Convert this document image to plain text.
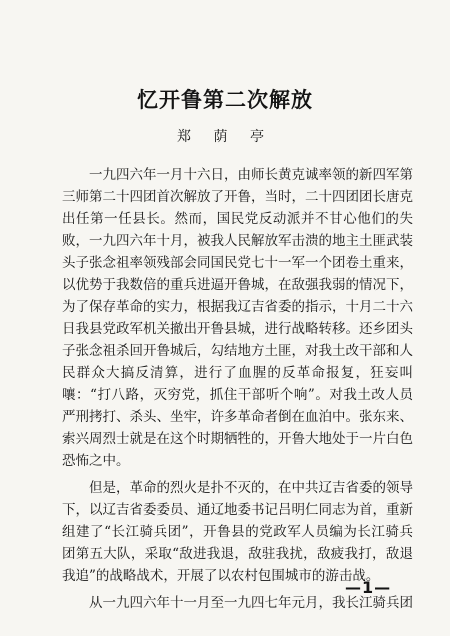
忆开鲁第二次解放
郑 荫 亭

一九四六年一月十六日，由师长黄克诚率领的新四军第三师第二十四团首次解放了开鲁，当时，二十四团团长唐克出任第一任县长。然而，国民党反动派并不甘心他们的失败，一九四六年十月，被我人民解放军击溃的地主土匪武装头子张念祖率领残部会同国民党七十一军一个团卷土重来，以优势于我数倍的重兵进逼开鲁城，在敌强我弱的情况下，为了保存革命的实力，根据我辽吉省委的指示，十月二十六日我县党政军机关撤出开鲁县城，进行战略转移。还乡团头子张念祖杀回开鲁城后，勾结地方土匪，对我土改干部和人民群众大搞反清算，进行了血腥的反革命报复，狂妄叫嚷：“打八路，灭穷党，抓住干部听个响”。对我土改人员严刑拷打、杀头、坐牢，许多革命者倒在血泊中。张东来、索兴周烈士就是在这个时期牺牲的，开鲁大地处于一片白色恐怖之中。

但是，革命的烈火是扑不灭的，在中共辽吉省委的领导下，以辽吉省委委员、通辽地委书记吕明仁同志为首，重新组建了“长江骑兵团”，开鲁县的党政军人员编为长江骑兵团第五大队，采取“敌进我退，敌驻我扰，敌疲我打，敌退我追”的战略战术，开展了以农村包围城市的游击战。

从一九四六年十一月至一九四七年元月，我长江骑兵团

—1—
